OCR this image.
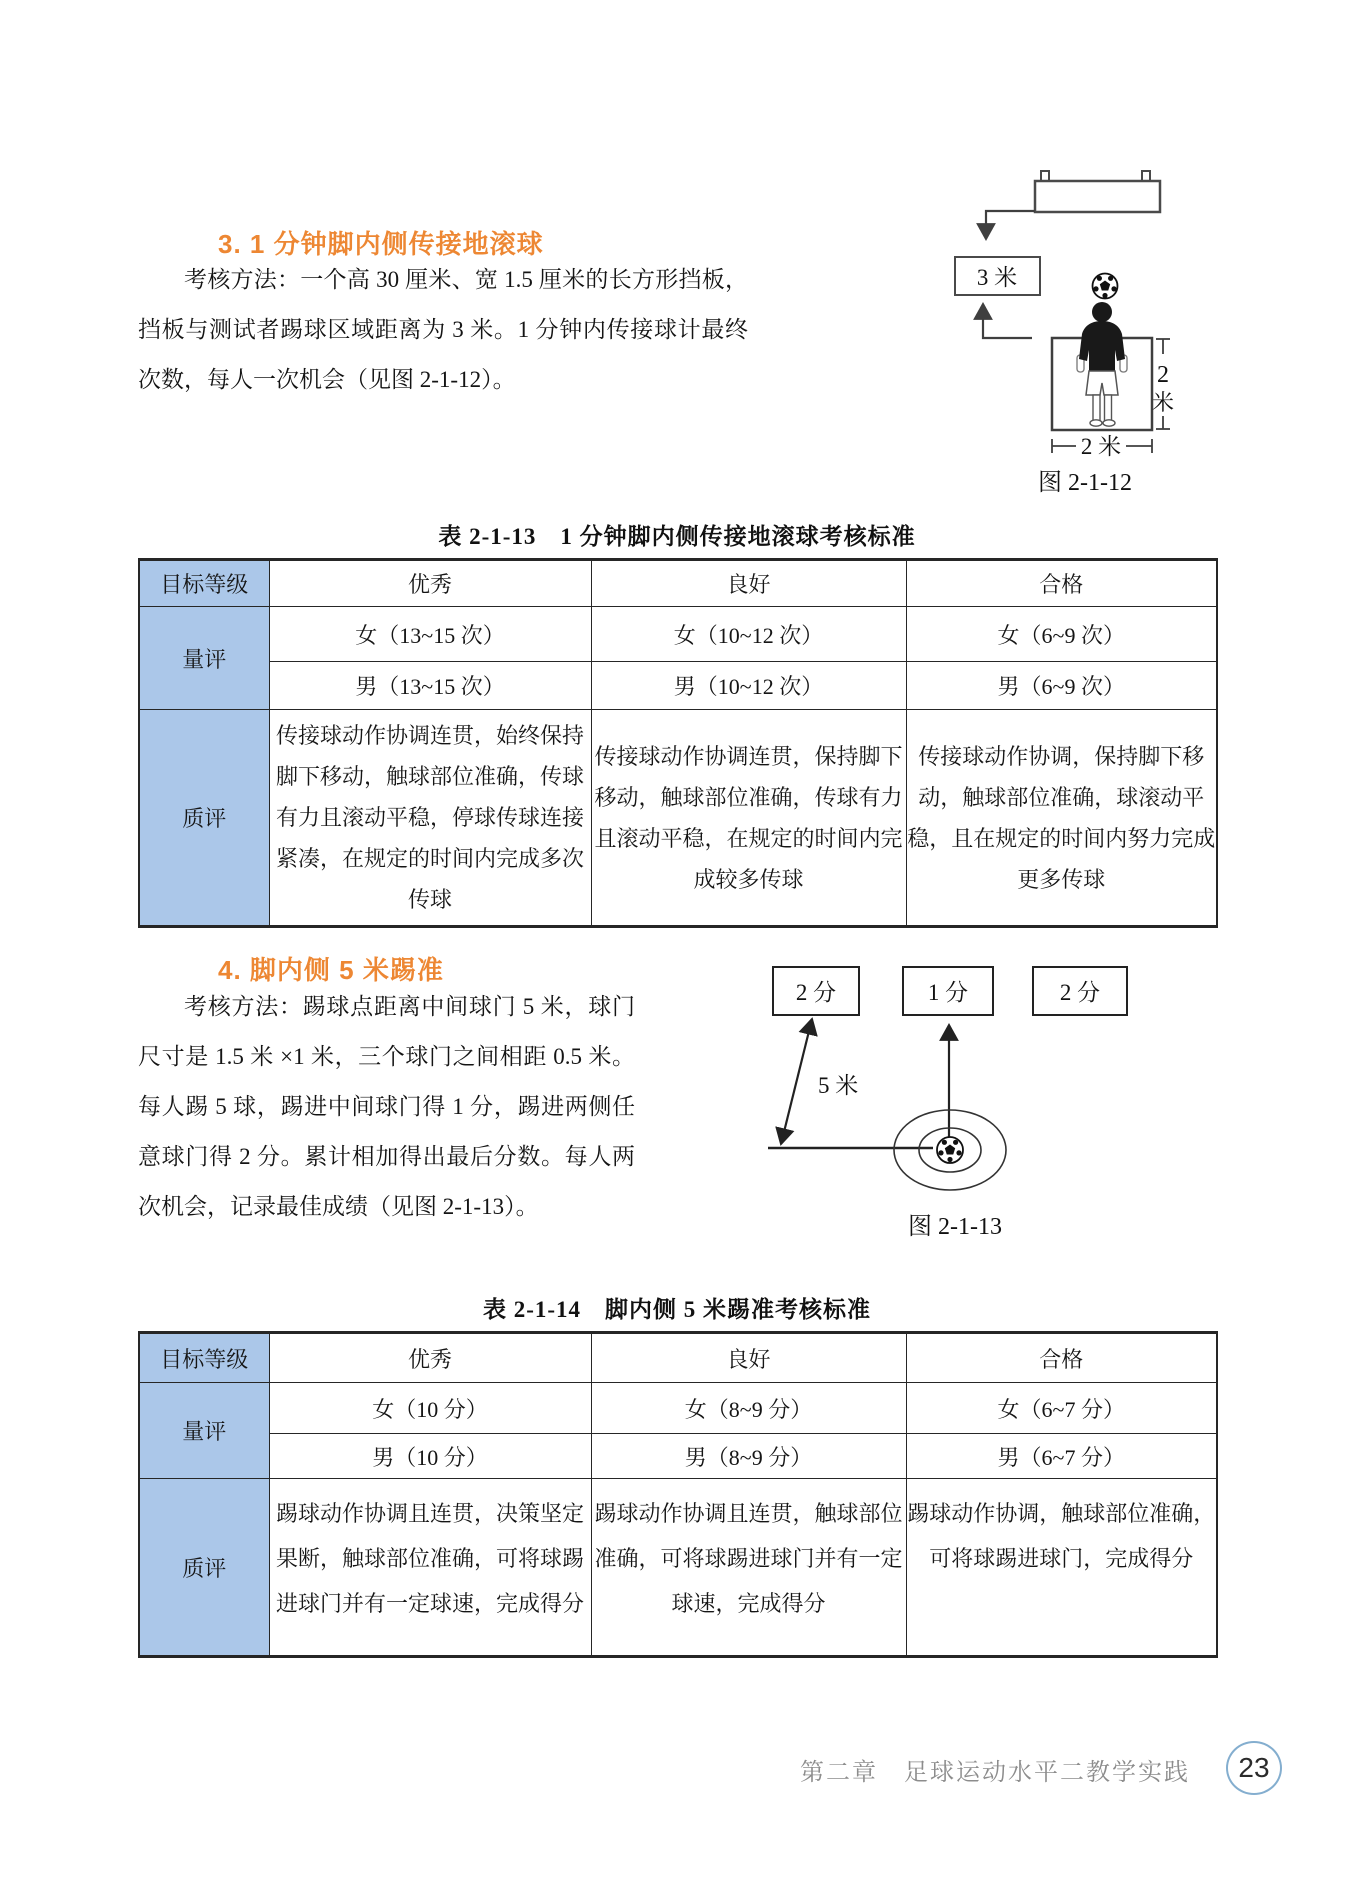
3. 1 分钟脚内侧传接地滚球
考核方法：一个高 30 厘米、宽 1.5 厘米的长方形挡板，挡板与测试者踢球区域距离为 3 米。1 分钟内传接球计最终次数，每人一次机会（见图 2-1-12）。
3 米
2
米
2 米
图 2-1-12
表 2-1-13　1 分钟脚内侧传接地滚球考核标准
目标等级	优秀	良好	合格
量评	女（13~15 次）	女（10~12 次）	女（6~9 次）
	男（13~15 次）	男（10~12 次）	男（6~9 次）
质评	传接球动作协调连贯，始终保持脚下移动，触球部位准确，传球有力且滚动平稳，停球传球连接紧凑，在规定的时间内完成多次传球	传接球动作协调连贯，保持脚下移动，触球部位准确，传球有力且滚动平稳，在规定的时间内完成较多传球	传接球动作协调，保持脚下移动，触球部位准确，球滚动平稳，且在规定的时间内努力完成更多传球
4. 脚内侧 5 米踢准
考核方法：踢球点距离中间球门 5 米，球门尺寸是 1.5 米 ×1 米，三个球门之间相距 0.5 米。每人踢 5 球，踢进中间球门得 1 分，踢进两侧任意球门得 2 分。累计相加得出最后分数。每人两次机会，记录最佳成绩（见图 2-1-13）。
2 分	1 分	2 分
5 米
图 2-1-13
表 2-1-14　脚内侧 5 米踢准考核标准
目标等级	优秀	良好	合格
量评	女（10 分）	女（8~9 分）	女（6~7 分）
	男（10 分）	男（8~9 分）	男（6~7 分）
质评	踢球动作协调且连贯，决策坚定果断，触球部位准确，可将球踢进球门并有一定球速，完成得分	踢球动作协调且连贯，触球部位准确，可将球踢进球门并有一定球速，完成得分	踢球动作协调，触球部位准确，可将球踢进球门，完成得分
第二章　足球运动水平二教学实践 23
